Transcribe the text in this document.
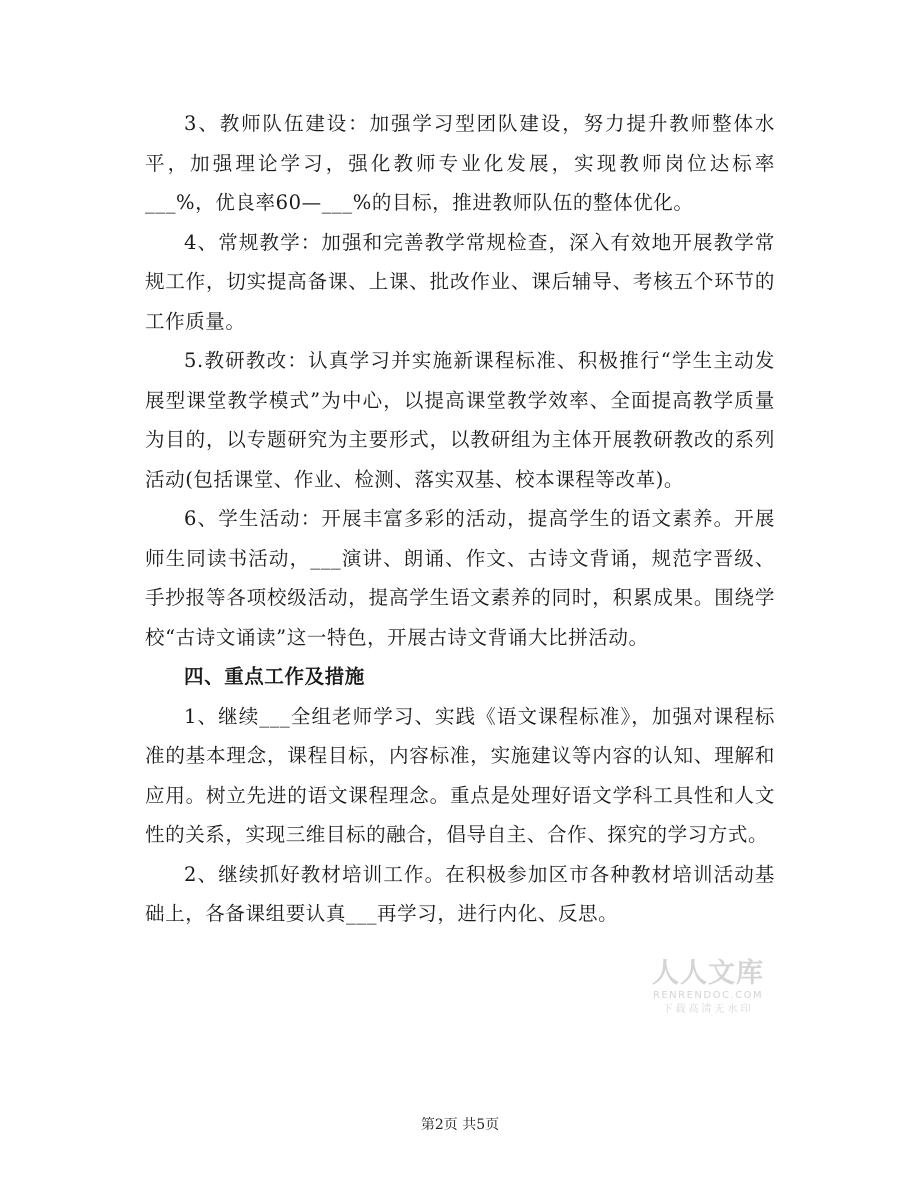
3、教师队伍建设：加强学习型团队建设，努力提升教师整体水平，加强理论学习，强化教师专业化发展，实现教师岗位达标率___%，优良率60—___%的目标，推进教师队伍的整体优化。

4、常规教学：加强和完善教学常规检查，深入有效地开展教学常规工作，切实提高备课、上课、批改作业、课后辅导、考核五个环节的工作质量。

5.教研教改：认真学习并实施新课程标准、积极推行“学生主动发展型课堂教学模式”为中心，以提高课堂教学效率、全面提高教学质量为目的，以专题研究为主要形式，以教研组为主体开展教研教改的系列活动(包括课堂、作业、检测、落实双基、校本课程等改革)。

6、学生活动：开展丰富多彩的活动，提高学生的语文素养。开展师生同读书活动，___演讲、朗诵、作文、古诗文背诵，规范字晋级、手抄报等各项校级活动，提高学生语文素养的同时，积累成果。围绕学校“古诗文诵读”这一特色，开展古诗文背诵大比拼活动。

四、重点工作及措施

1、继续___全组老师学习、实践《语文课程标准》，加强对课程标准的基本理念，课程目标，内容标准，实施建议等内容的认知、理解和应用。树立先进的语文课程理念。重点是处理好语文学科工具性和人文性的关系，实现三维目标的融合，倡导自主、合作、探究的学习方式。

2、继续抓好教材培训工作。在积极参加区市各种教材培训活动基础上，各备课组要认真___再学习，进行内化、反思。

人人文库
RENRENDOC.COM
下载高清无水印
第2页 共5页
